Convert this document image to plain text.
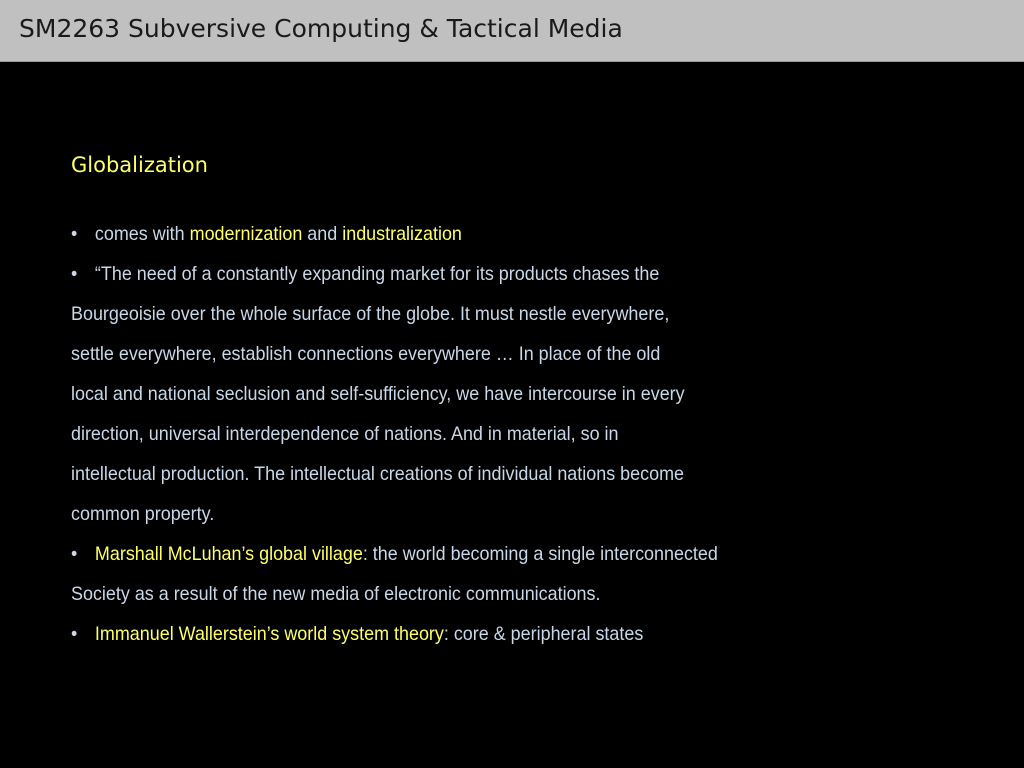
SM2263 Subversive Computing & Tactical Media
Globalization
• comes with modernization and industralization
• “The need of a constantly expanding market for its products chases the
Bourgeoisie over the whole surface of the globe. It must nestle everywhere,
settle everywhere, establish connections everywhere … In place of the old
local and national seclusion and self-sufficiency, we have intercourse in every
direction, universal interdependence of nations. And in material, so in
intellectual production. The intellectual creations of individual nations become
common property.
• Marshall McLuhan’s global village: the world becoming a single interconnected
Society as a result of the new media of electronic communications.
• Immanuel Wallerstein’s world system theory: core & peripheral states
